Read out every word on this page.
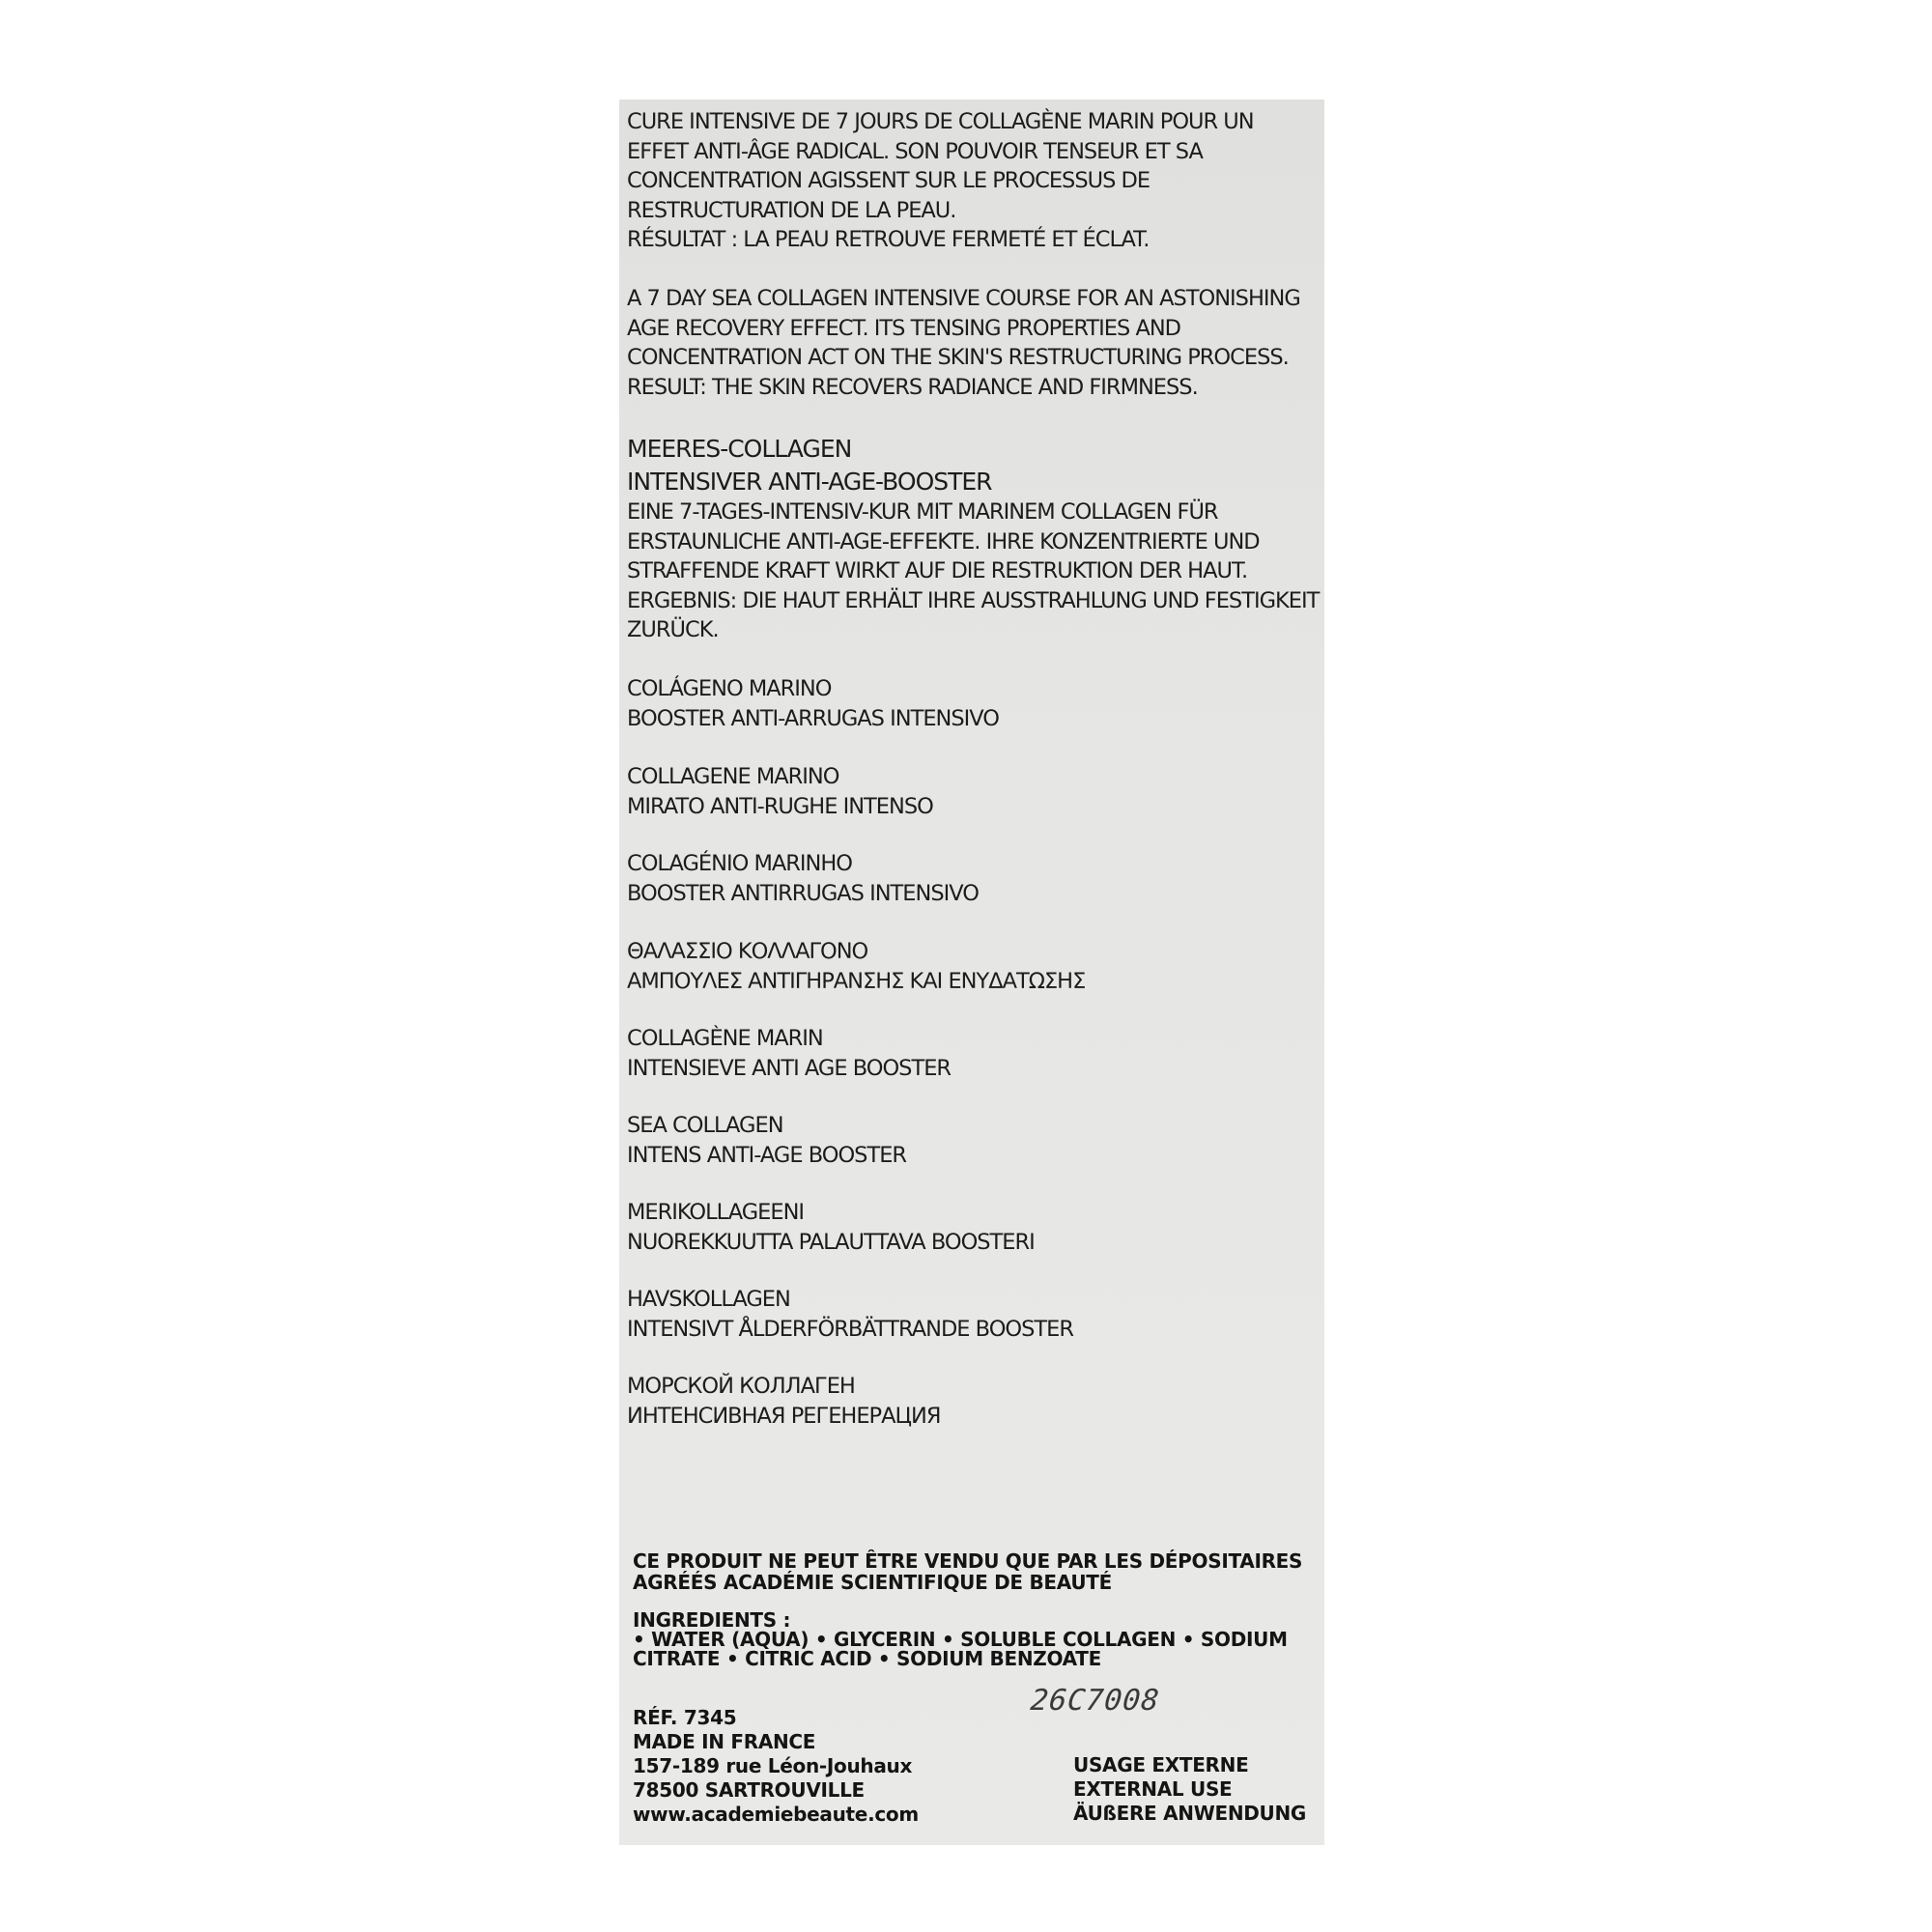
CURE INTENSIVE DE 7 JOURS DE COLLAGÈNE MARIN POUR UN
EFFET ANTI-ÂGE RADICAL. SON POUVOIR TENSEUR ET SA
CONCENTRATION AGISSENT SUR LE PROCESSUS DE
RESTRUCTURATION DE LA PEAU.
RÉSULTAT : LA PEAU RETROUVE FERMETÉ ET ÉCLAT.

A 7 DAY SEA COLLAGEN INTENSIVE COURSE FOR AN ASTONISHING
AGE RECOVERY EFFECT. ITS TENSING PROPERTIES AND
CONCENTRATION ACT ON THE SKIN'S RESTRUCTURING PROCESS.
RESULT: THE SKIN RECOVERS RADIANCE AND FIRMNESS.

MEERES-COLLAGEN
INTENSIVER ANTI-AGE-BOOSTER

EINE 7-TAGES-INTENSIV-KUR MIT MARINEM COLLAGEN FÜR
ERSTAUNLICHE ANTI-AGE-EFFEKTE. IHRE KONZENTRIERTE UND
STRAFFENDE KRAFT WIRKT AUF DIE RESTRUKTION DER HAUT.
ERGEBNIS: DIE HAUT ERHÄLT IHRE AUSSTRAHLUNG UND FESTIGKEIT
ZURÜCK.

COLÁGENO MARINO
BOOSTER ANTI-ARRUGAS INTENSIVO

COLLAGENE MARINO
MIRATO ANTI-RUGHE INTENSO

COLAGÉNIO MARINHO
BOOSTER ANTIRRUGAS INTENSIVO

ΘΑΛΑΣΣΙΟ ΚΟΛΛΑΓΟΝΟ
ΑΜΠΟΥΛΕΣ ΑΝΤΙΓΗΡΑΝΣΗΣ ΚΑΙ ΕΝΥΔΑΤΩΣΗΣ

COLLAGÈNE MARIN
INTENSIEVE ANTI AGE BOOSTER

SEA COLLAGEN
INTENS ANTI-AGE BOOSTER

MERIKOLLAGEENI
NUOREKKUUTTA PALAUTTAVA BOOSTERI

HAVSKOLLAGEN
INTENSIVT ÅLDERFÖRBÄTTRANDE BOOSTER

МОРСКОЙ КОЛЛАГЕН
ИНТЕНСИВНАЯ РЕГЕНЕРАЦИЯ

CE PRODUIT NE PEUT ÊTRE VENDU QUE PAR LES DÉPOSITAIRES
AGRÉÉS ACADÉMIE SCIENTIFIQUE DE BEAUTÉ

INGREDIENTS :
• WATER (AQUA) • GLYCERIN • SOLUBLE COLLAGEN • SODIUM
CITRATE • CITRIC ACID • SODIUM BENZOATE

26C7008

RÉF. 7345
MADE IN FRANCE
157-189 rue Léon-Jouhaux
78500 SARTROUVILLE
www.academiebeaute.com

USAGE EXTERNE
EXTERNAL USE
ÄUßERE ANWENDUNG
